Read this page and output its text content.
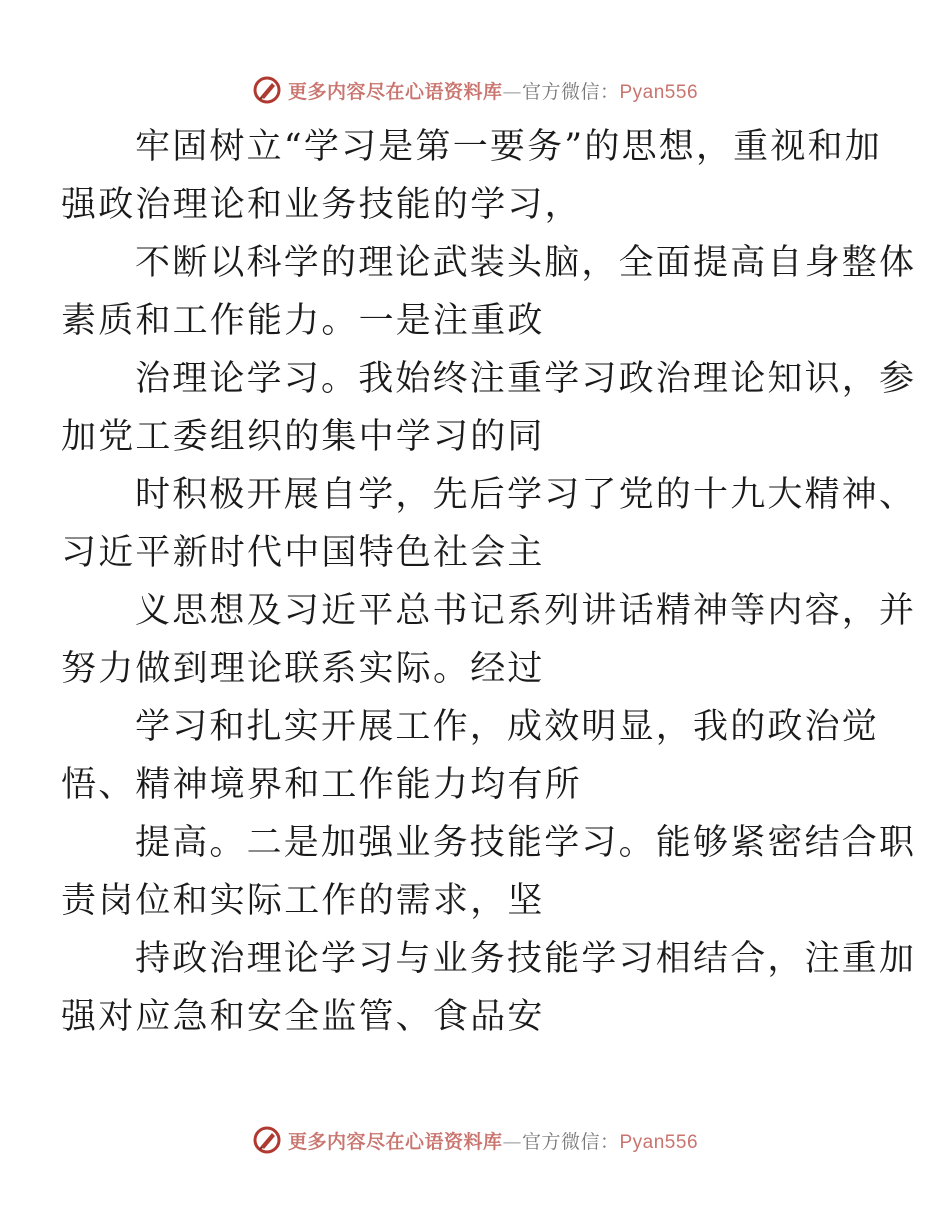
更多内容尽在心语资料库—官方微信：Pyan556

牢固树立“学习是第一要务”的思想，重视和加
强政治理论和业务技能的学习，

不断以科学的理论武装头脑，全面提高自身整体
素质和工作能力。一是注重政

治理论学习。我始终注重学习政治理论知识，参
加党工委组织的集中学习的同

时积极开展自学，先后学习了党的十九大精神、
习近平新时代中国特色社会主

义思想及习近平总书记系列讲话精神等内容，并
努力做到理论联系实际。经过

学习和扎实开展工作，成效明显，我的政治觉
悟、精神境界和工作能力均有所

提高。二是加强业务技能学习。能够紧密结合职
责岗位和实际工作的需求，坚

持政治理论学习与业务技能学习相结合，注重加
强对应急和安全监管、食品安

更多内容尽在心语资料库—官方微信：Pyan556
